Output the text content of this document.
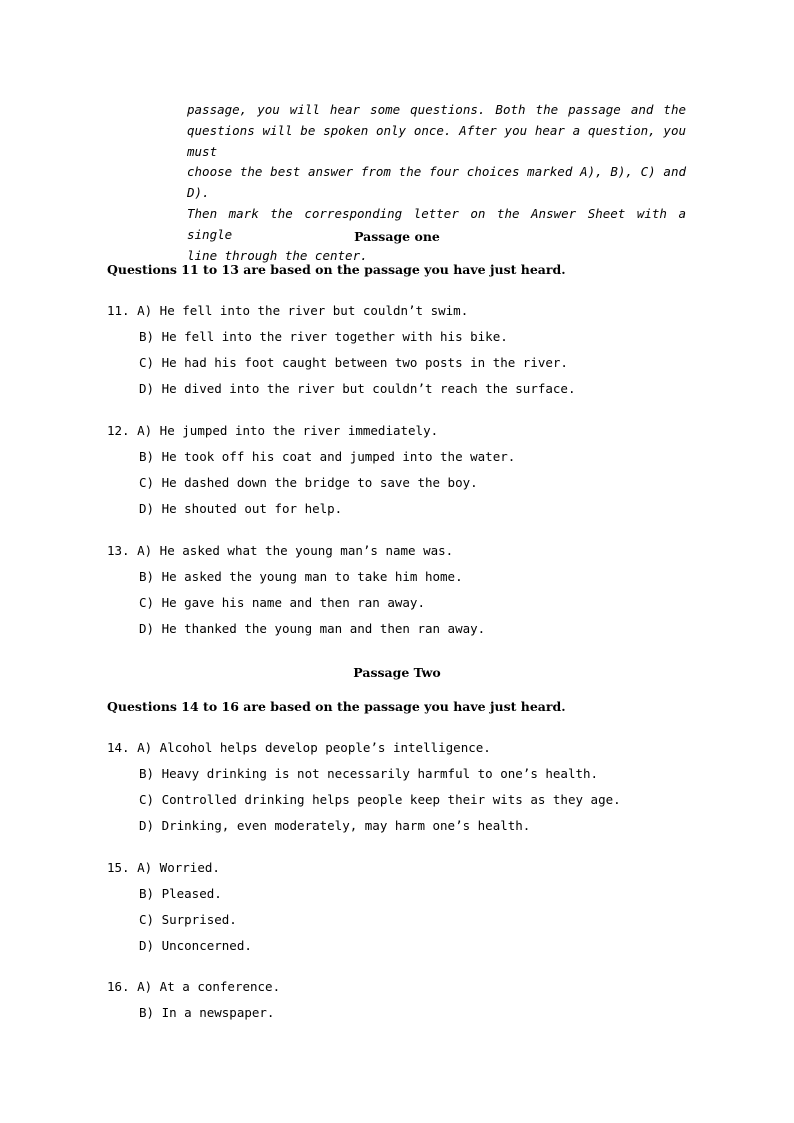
passage, you will hear some questions. Both the passage and the
questions will be spoken only once. After you hear a question, you must
choose the best answer from the four choices marked A), B), C) and D).
Then mark the corresponding letter on the Answer Sheet with a single
line through the center.
Passage one
Questions 11 to 13 are based on the passage you have just heard.
11. A) He fell into the river but couldn’t swim.
B) He fell into the river together with his bike.
C) He had his foot caught between two posts in the river.
D) He dived into the river but couldn’t reach the surface.
12. A) He jumped into the river immediately.
B) He took off his coat and jumped into the water.
C) He dashed down the bridge to save the boy.
D) He shouted out for help.
13. A) He asked what the young man’s name was.
B) He asked the young man to take him home.
C) He gave his name and then ran away.
D) He thanked the young man and then ran away.
Passage Two
Questions 14 to 16 are based on the passage you have just heard.
14. A) Alcohol helps develop people’s intelligence.
B) Heavy drinking is not necessarily harmful to one’s health.
C) Controlled drinking helps people keep their wits as they age.
D) Drinking, even moderately, may harm one’s health.
15. A) Worried.
B) Pleased.
C) Surprised.
D) Unconcerned.
16. A) At a conference.
B) In a newspaper.
